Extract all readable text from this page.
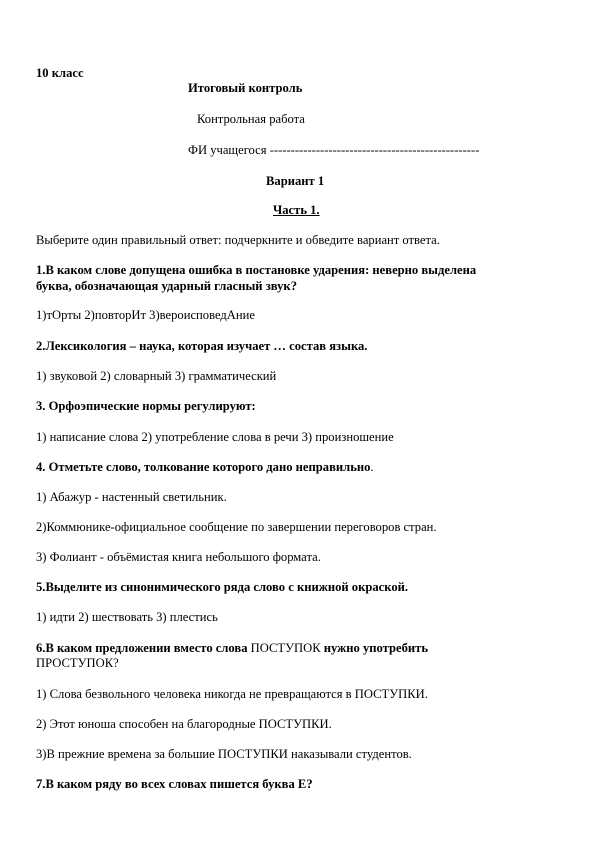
10 класс

Итоговый контроль

Контрольная работа

ФИ учащегося --------------------------------------------------

Вариант 1

Часть 1.

Выберите один правильный ответ: подчеркните и обведите вариант ответа.

1.В каком слове допущена ошибка в постановке ударения: неверно выделена

буква, обозначающая ударный гласный звук?

1)тОрты 2)повторИт 3)вероисповедАние

2.Лексикология – наука, которая изучает … состав языка.

1) звуковой 2) словарный 3) грамматический

3. Орфоэпические нормы регулируют:

1) написание слова 2) употребление слова в речи 3) произношение

4. Отметьте слово, толкование которого дано неправильно.

1) Абажур - настенный светильник.

2)Коммюнике-официальное сообщение по завершении переговоров стран.

3) Фолиант - объёмистая книга небольшого формата.

5.Выделите из синонимического ряда слово с книжной окраской.

1) идти 2) шествовать 3) плестись

6.В каком предложении вместо слова ПОСТУПОК нужно употребить

ПРОСТУПОК?

1) Слова безвольного человека никогда не превращаются в ПОСТУПКИ.

2) Этот юноша способен на благородные ПОСТУПКИ.

3)В прежние времена за большие ПОСТУПКИ наказывали студентов.

7.В каком ряду во всех словах пишется буква Е?
